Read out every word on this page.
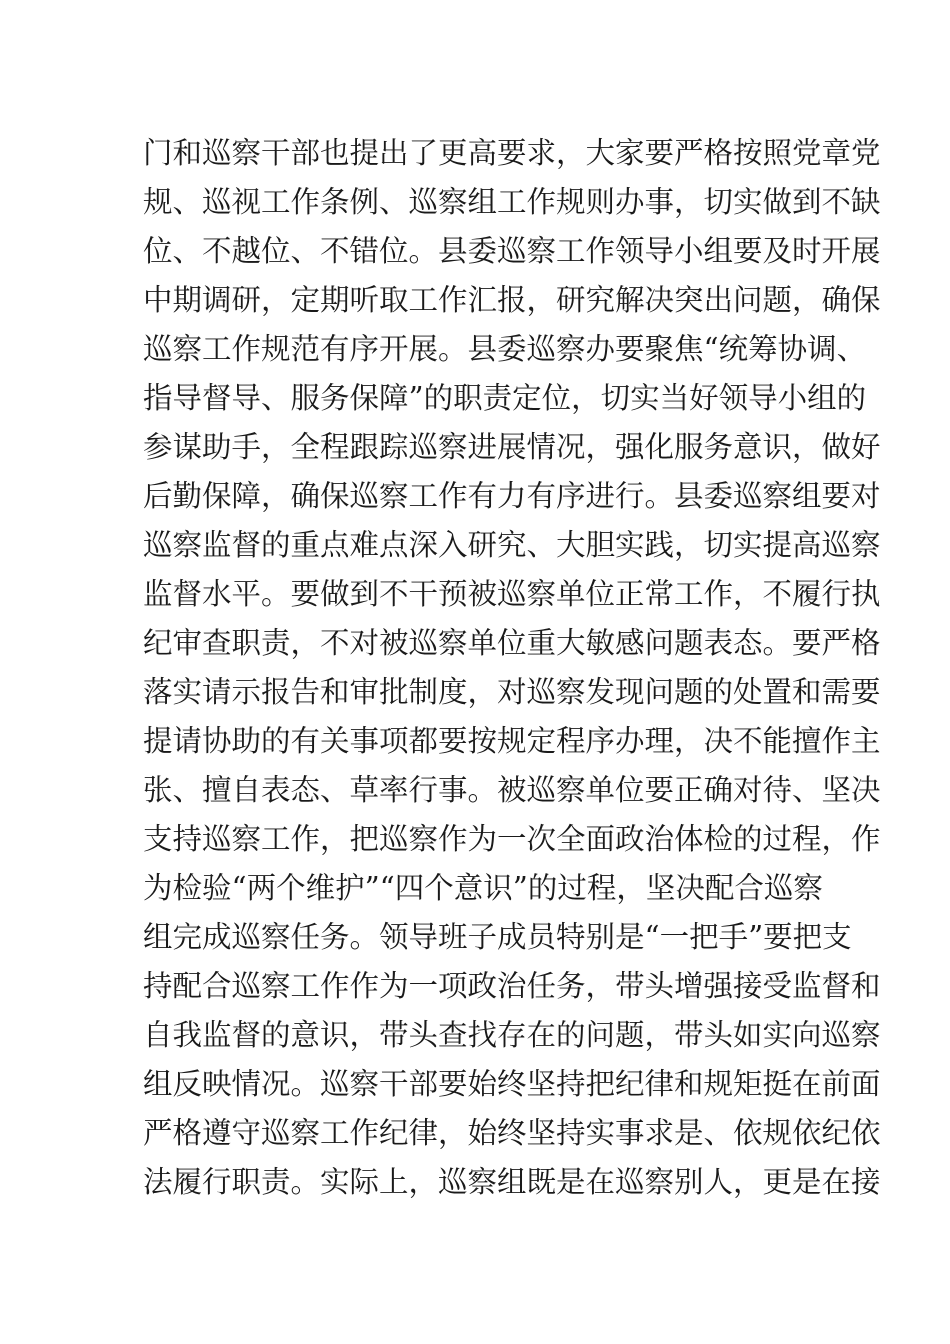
门和巡察干部也提出了更高要求，大家要严格按照党章党
规、巡视工作条例、巡察组工作规则办事，切实做到不缺
位、不越位、不错位。县委巡察工作领导小组要及时开展
中期调研，定期听取工作汇报，研究解决突出问题，确保
巡察工作规范有序开展。县委巡察办要聚焦“统筹协调、
指导督导、服务保障”的职责定位，切实当好领导小组的
参谋助手，全程跟踪巡察进展情况，强化服务意识，做好
后勤保障，确保巡察工作有力有序进行。县委巡察组要对
巡察监督的重点难点深入研究、大胆实践，切实提高巡察
监督水平。要做到不干预被巡察单位正常工作，不履行执
纪审查职责，不对被巡察单位重大敏感问题表态。要严格
落实请示报告和审批制度，对巡察发现问题的处置和需要
提请协助的有关事项都要按规定程序办理，决不能擅作主
张、擅自表态、草率行事。被巡察单位要正确对待、坚决
支持巡察工作，把巡察作为一次全面政治体检的过程，作
为检验“两个维护”“四个意识”的过程，坚决配合巡察
组完成巡察任务。领导班子成员特别是“一把手”要把支
持配合巡察工作作为一项政治任务，带头增强接受监督和
自我监督的意识，带头查找存在的问题，带头如实向巡察
组反映情况。巡察干部要始终坚持把纪律和规矩挺在前面
严格遵守巡察工作纪律，始终坚持实事求是、依规依纪依
法履行职责。实际上，巡察组既是在巡察别人，更是在接
